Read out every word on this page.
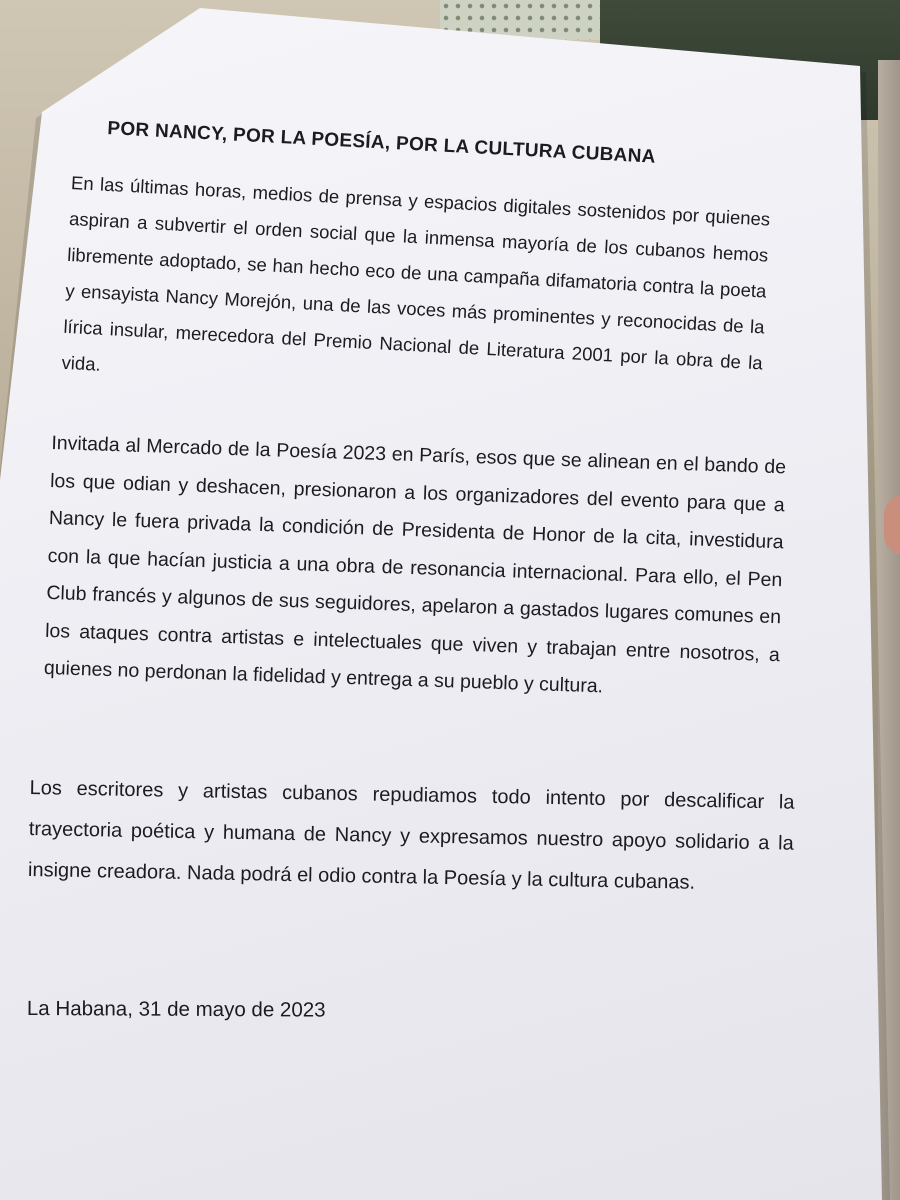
POR NANCY, POR LA POESÍA, POR LA CULTURA CUBANA
En las últimas horas, medios de prensa y espacios digitales sostenidos por quienes aspiran a subvertir el orden social que la inmensa mayoría de los cubanos hemos libremente adoptado, se han hecho eco de una campaña difamatoria contra la poeta y ensayista Nancy Morejón, una de las voces más prominentes y reconocidas de la lírica insular, merecedora del Premio Nacional de Literatura 2001 por la obra de la vida.
Invitada al Mercado de la Poesía 2023 en París, esos que se alinean en el bando de los que odian y deshacen, presionaron a los organizadores del evento para que a Nancy le fuera privada la condición de Presidenta de Honor de la cita, investidura con la que hacían justicia a una obra de resonancia internacional. Para ello, el Pen Club francés y algunos de sus seguidores, apelaron a gastados lugares comunes en los ataques contra artistas e intelectuales que viven y trabajan entre nosotros, a quienes no perdonan la fidelidad y entrega a su pueblo y cultura.
Los escritores y artistas cubanos repudiamos todo intento por descalificar la trayectoria poética y humana de Nancy y expresamos nuestro apoyo solidario a la insigne creadora. Nada podrá el odio contra la Poesía y la cultura cubanas.
La Habana, 31 de mayo de 2023
